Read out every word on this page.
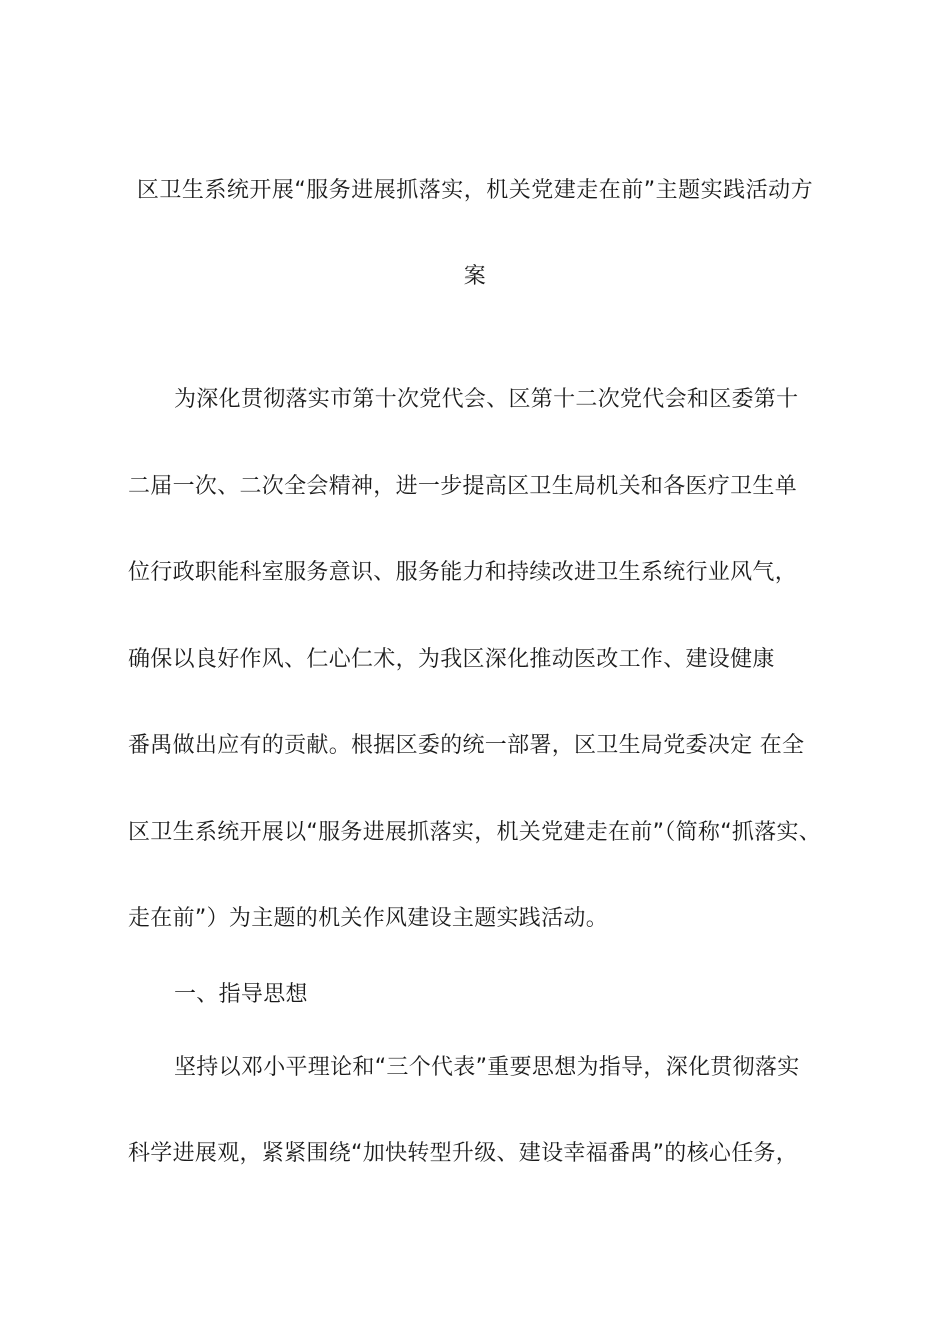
区卫生系统开展“服务进展抓落实，机关党建走在前”主题实践活动方
案
为深化贯彻落实市第十次党代会、区第十二次党代会和区委第十
二届一次、二次全会精神，进一步提高区卫生局机关和各医疗卫生单
位行政职能科室服务意识、服务能力和持续改进卫生系统行业风气，
确保以良好作风、仁心仁术，为我区深化推动医改工作、建设健康
番禺做出应有的贡献。根据区委的统一部署，区卫生局党委决定 在全
区卫生系统开展以“服务进展抓落实，机关党建走在前”（简称“抓落实、
走在前”）为主题的机关作风建设主题实践活动。
一、指导思想
坚持以邓小平理论和“三个代表”重要思想为指导，深化贯彻落实
科学进展观，紧紧围绕“加快转型升级、建设幸福番禺”的核心任务，
